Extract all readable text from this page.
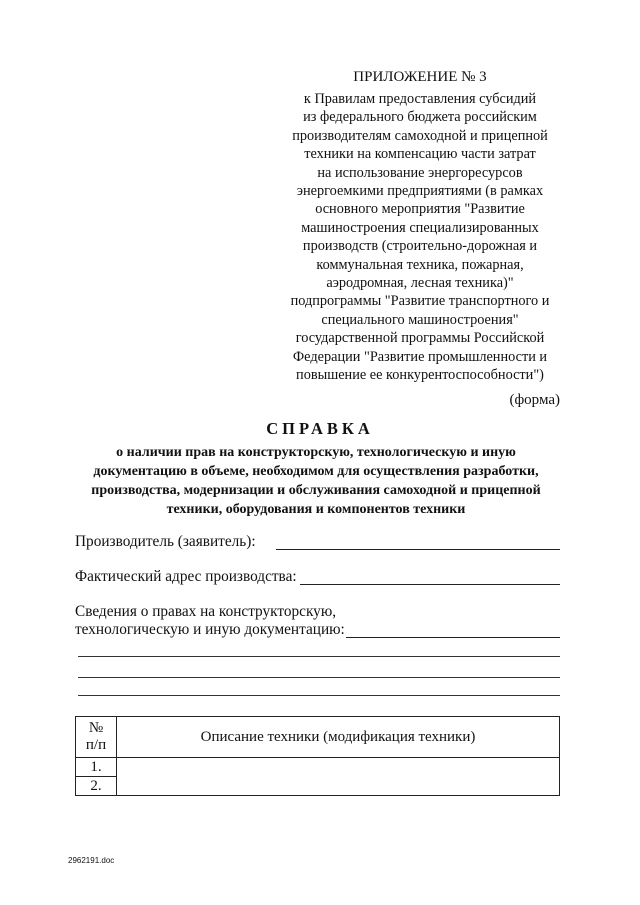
ПРИЛОЖЕНИЕ № 3
к Правилам предоставления субсидий
из федерального бюджета российским
производителям самоходной и прицепной
техники на компенсацию части затрат
на использование энергоресурсов
энергоемкими предприятиями (в рамках
основного мероприятия "Развитие
машиностроения специализированных
производств (строительно-дорожная и
коммунальная техника, пожарная,
аэродромная, лесная техника)"
подпрограммы "Развитие транспортного и
специального машиностроения"
государственной программы Российской
Федерации "Развитие промышленности и
повышение ее конкурентоспособности")
(форма)
СПРАВКА
о наличии прав на конструкторскую, технологическую и иную
документацию в объеме, необходимом для осуществления разработки,
производства, модернизации и обслуживания самоходной и прицепной
техники, оборудования и компонентов техники
Производитель (заявитель):
Фактический адрес производства:
Сведения о правах на конструкторскую,
технологическую и иную документацию:
№
п/п	Описание техники (модификация техники)
1.	
2.	
2962191.doc
